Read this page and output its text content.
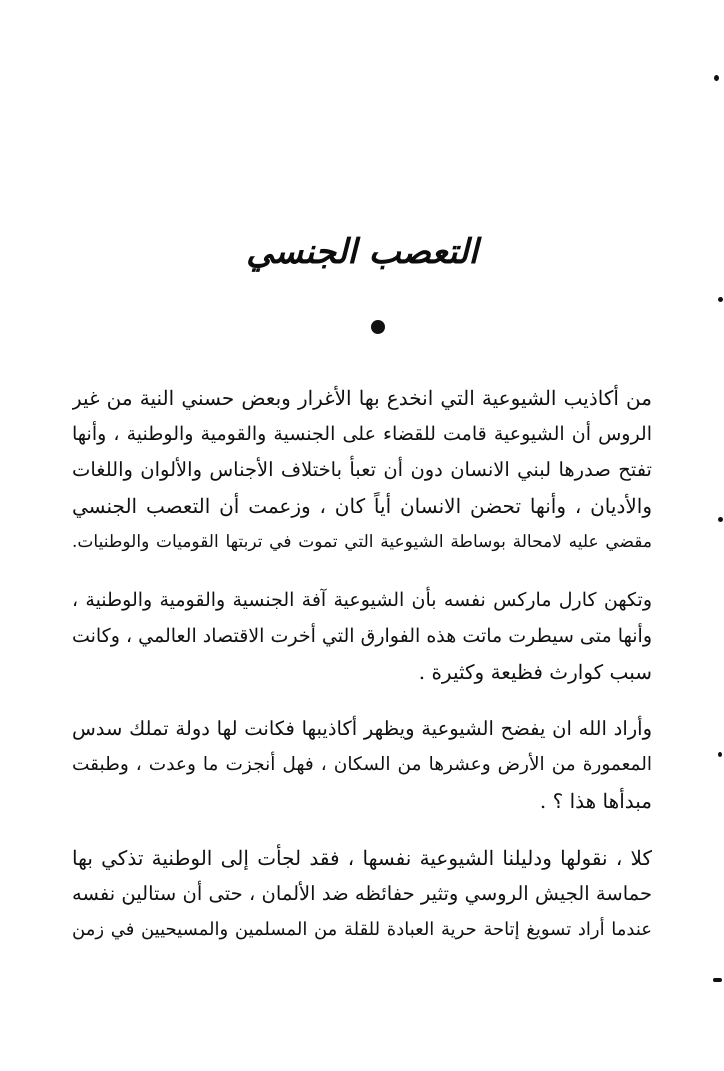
التعصب الجنسي
من أكاذيب الشيوعية التي انخدع بها الأغرار وبعض حسني النية من غير
الروس أن الشيوعية قامت للقضاء على الجنسية والقومية والوطنية ، وأنها
تفتح صدرها لبني الانسان دون أن تعبأ باختلاف الأجناس والألوان واللغات
والأديان ، وأنها تحضن الانسان أياً كان ، وزعمت أن التعصب الجنسي
مقضي عليه لامحالة بوساطة الشيوعية التي تموت في تربتها القوميات والوطنيات.
وتكهن كارل ماركس نفسه بأن الشيوعية آفة الجنسية والقومية والوطنية ،
وأنها متى سيطرت ماتت هذه الفوارق التي أخرت الاقتصاد العالمي ، وكانت
سبب كوارث فظيعة وكثيرة .
وأراد الله ان يفضح الشيوعية ويظهر أكاذيبها فكانت لها دولة تملك سدس
المعمورة من الأرض وعشرها من السكان ، فهل أنجزت ما وعدت ، وطبقت
مبدأها هذا ؟ .
كلا ، نقولها ودليلنا الشيوعية نفسها ، فقد لجأت إلى الوطنية تذكي بها
حماسة الجيش الروسي وتثير حفائظه ضد الألمان ، حتى أن ستالين نفسه
عندما أراد تسويغ إتاحة حرية العبادة للقلة من المسلمين والمسيحيين في زمن
